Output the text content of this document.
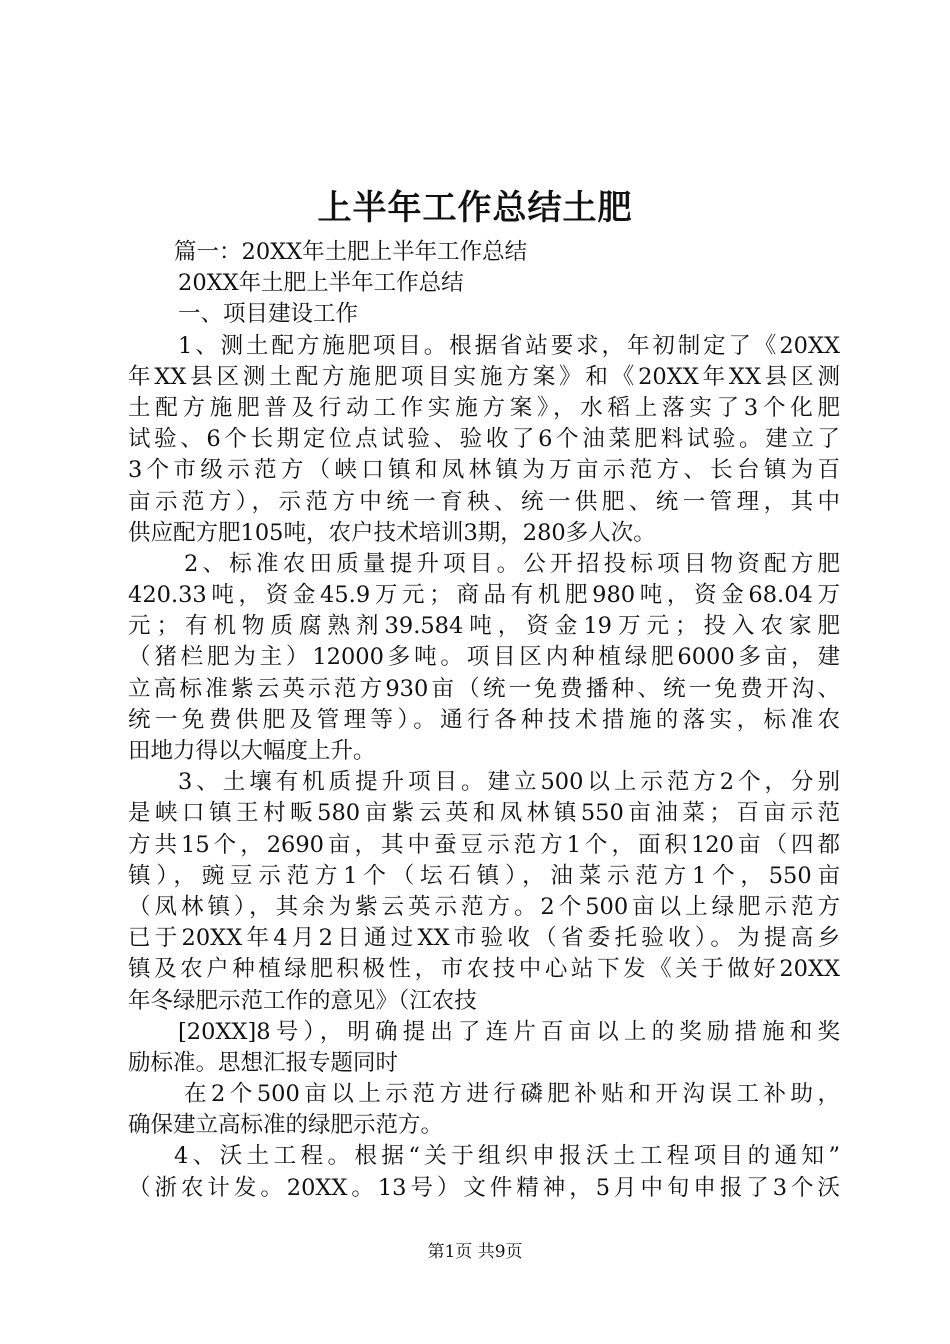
上半年工作总结土肥
篇一：20XX年土肥上半年工作总结
20XX年土肥上半年工作总结
一、项目建设工作
1、测土配方施肥项目。根据省站要求，年初制定了《20XX
年XX县区测土配方施肥项目实施方案》和《20XX年XX县区测
土配方施肥普及行动工作实施方案》，水稻上落实了3个化肥
试验、6个长期定位点试验、验收了6个油菜肥料试验。建立了
3个市级示范方（峡口镇和凤林镇为万亩示范方、长台镇为百
亩示范方），示范方中统一育秧、统一供肥、统一管理，其中
供应配方肥105吨，农户技术培训3期，280多人次。
2、标准农田质量提升项目。公开招投标项目物资配方肥
420.33吨，资金45.9万元；商品有机肥980吨，资金68.04万
元；有机物质腐熟剂39.584吨，资金19万元；投入农家肥
（猪栏肥为主）12000多吨。项目区内种植绿肥6000多亩，建
立高标准紫云英示范方930亩（统一免费播种、统一免费开沟、
统一免费供肥及管理等）。通行各种技术措施的落实，标准农
田地力得以大幅度上升。
3、土壤有机质提升项目。建立500以上示范方2个，分别
是峡口镇王村畈580亩紫云英和凤林镇550亩油菜；百亩示范
方共15个，2690亩，其中蚕豆示范方1个，面积120亩（四都
镇），豌豆示范方1个（坛石镇），油菜示范方1个，550亩
（凤林镇），其余为紫云英示范方。2个500亩以上绿肥示范方
已于20XX年4月2日通过XX市验收（省委托验收）。为提高乡
镇及农户种植绿肥积极性，市农技中心站下发《关于做好20XX
年冬绿肥示范工作的意见》（江农技
[20XX]8号），明确提出了连片百亩以上的奖励措施和奖
励标准。思想汇报专题同时
在2个500亩以上示范方进行磷肥补贴和开沟误工补助，
确保建立高标准的绿肥示范方。
4、沃土工程。根据“关于组织申报沃土工程项目的通知”
（浙农计发。20XX。13号）文件精神，5月中旬申报了3个沃
第1页 共9页
